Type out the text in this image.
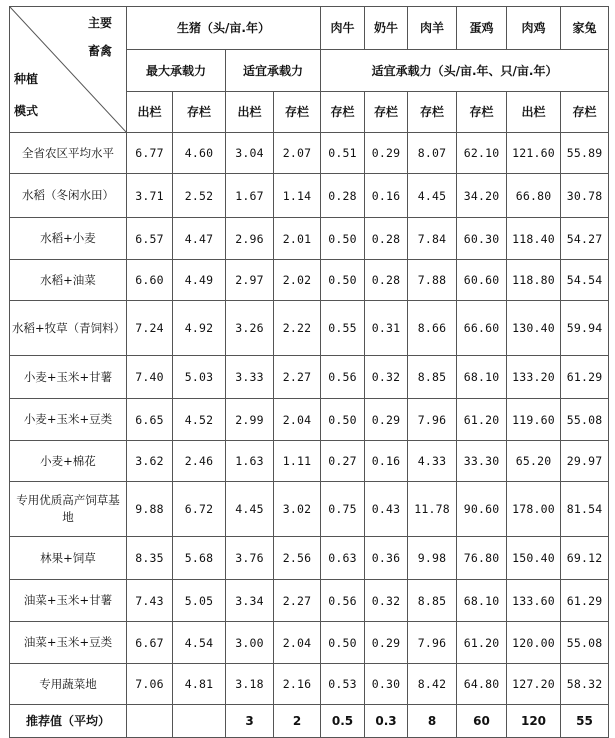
主要
畜禽
种植
模式	生猪（头/亩.年）				肉牛	奶牛	肉羊	蛋鸡	肉鸡	家兔
	最大承载力		适宜承载力		适宜承载力（头/亩.年、只/亩.年）					
	出栏	存栏	出栏	存栏	存栏	存栏	存栏	存栏	出栏	存栏
全省农区平均水平	6.77	4.60	3.04	2.07	0.51	0.29	8.07	62.10	121.60	55.89
水稻（冬闲水田）	3.71	2.52	1.67	1.14	0.28	0.16	4.45	34.20	66.80	30.78
水稻+小麦	6.57	4.47	2.96	2.01	0.50	0.28	7.84	60.30	118.40	54.27
水稻+油菜	6.60	4.49	2.97	2.02	0.50	0.28	7.88	60.60	118.80	54.54
水稻+牧草（青饲料）	7.24	4.92	3.26	2.22	0.55	0.31	8.66	66.60	130.40	59.94
小麦+玉米+甘薯	7.40	5.03	3.33	2.27	0.56	0.32	8.85	68.10	133.20	61.29
小麦+玉米+豆类	6.65	4.52	2.99	2.04	0.50	0.29	7.96	61.20	119.60	55.08
小麦+棉花	3.62	2.46	1.63	1.11	0.27	0.16	4.33	33.30	65.20	29.97
专用优质高产饲草基地	9.88	6.72	4.45	3.02	0.75	0.43	11.78	90.60	178.00	81.54
林果+饲草	8.35	5.68	3.76	2.56	0.63	0.36	9.98	76.80	150.40	69.12
油菜+玉米+甘薯	7.43	5.05	3.34	2.27	0.56	0.32	8.85	68.10	133.60	61.29
油菜+玉米+豆类	6.67	4.54	3.00	2.04	0.50	0.29	7.96	61.20	120.00	55.08
专用蔬菜地	7.06	4.81	3.18	2.16	0.53	0.30	8.42	64.80	127.20	58.32
推荐值（平均）			3	2	0.5	0.3	8	60	120	55
